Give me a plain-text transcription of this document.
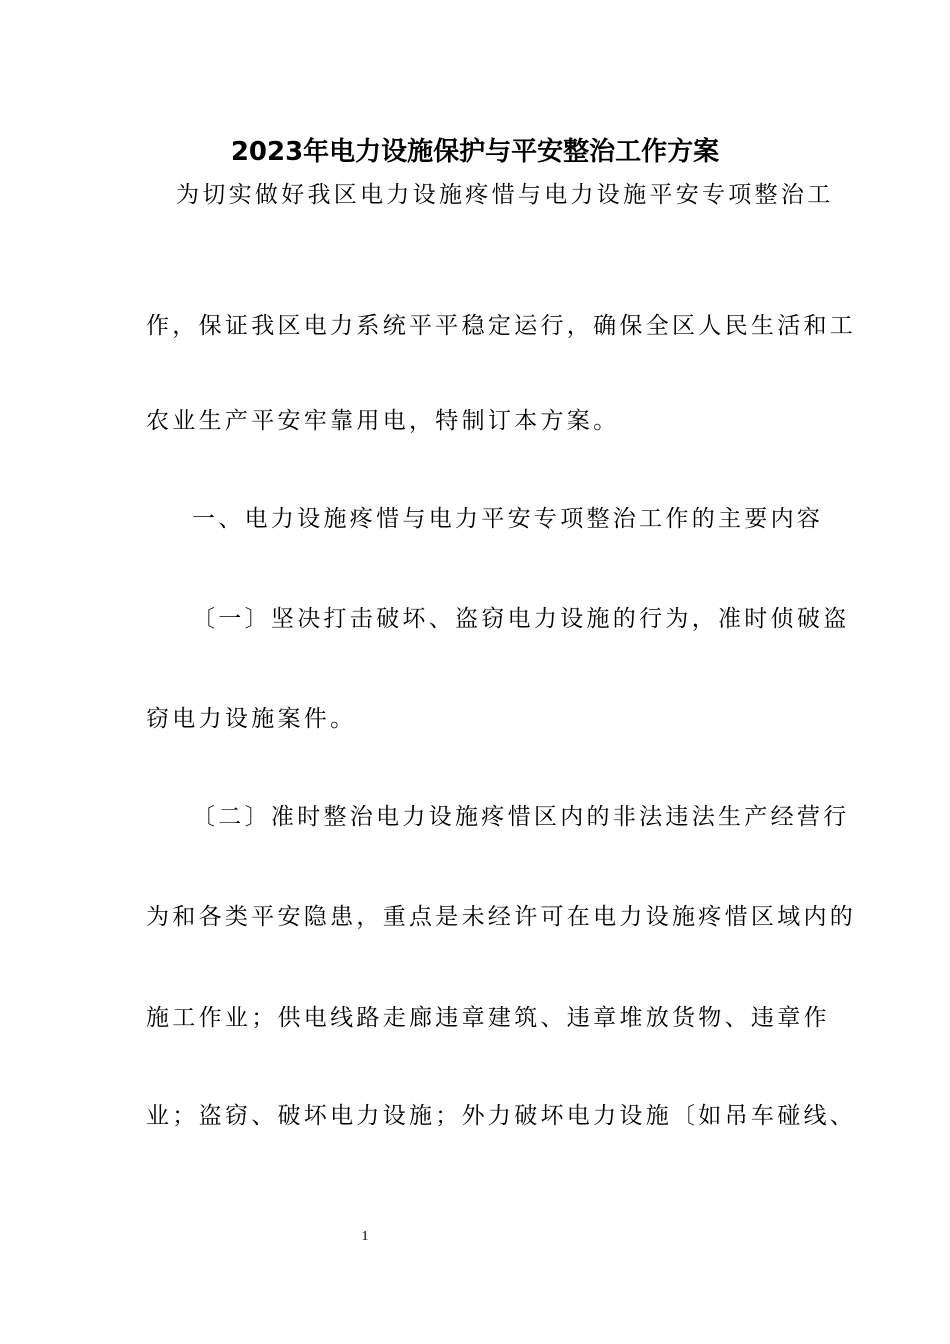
2023年电力设施保护与平安整治工作方案
为切实做好我区电力设施疼惜与电力设施平安专项整治工
作，保证我区电力系统平平稳定运行，确保全区人民生活和工
农业生产平安牢靠用电，特制订本方案。
一、电力设施疼惜与电力平安专项整治工作的主要内容
〔一〕坚决打击破坏、盗窃电力设施的行为，准时侦破盗
窃电力设施案件。
〔二〕准时整治电力设施疼惜区内的非法违法生产经营行
为和各类平安隐患，重点是未经许可在电力设施疼惜区域内的
施工作业；供电线路走廊违章建筑、违章堆放货物、违章作
业；盗窃、破坏电力设施；外力破坏电力设施〔如吊车碰线、
1
